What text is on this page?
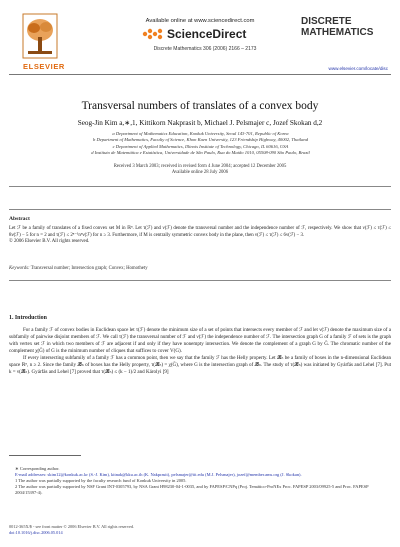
ELSEVIER
Available online at www.sciencedirect.com
ScienceDirect
Discrete Mathematics 306 (2006) 2166 – 2173
DISCRETE
MATHEMATICS
www.elsevier.com/locate/disc
Transversal numbers of translates of a convex body
Seog-Jin Kim a,∗,1, Kittikorn Nakprasit b, Michael J. Pelsmajer c, Jozef Skokan d,2
a Department of Mathematics Education, Konkuk University, Seoul 143-701, Republic of Korea
b Department of Mathematics, Faculty of Science, Khon Kaen University, 123 Friendship Highway, 40002, Thailand
c Department of Applied Mathematics, Illinois Institute of Technology, Chicago, IL 60616, USA
d Instituto de Matemática e Estatística, Universidade de São Paulo, Rua do Matão 1010, 05508-090 São Paulo, Brazil
Received 3 March 2003; received in revised form 4 June 2004; accepted 12 December 2005
Available online 28 July 2006
Abstract
Let ℱ be a family of translates of a fixed convex set M in ℝⁿ. Let τ(ℱ) and ν(ℱ) denote the transversal number and the independence number of ℱ, respectively. We show that ν(ℱ) ≤ τ(ℱ) ≤ 8ν(ℱ) − 5 for n = 2 and τ(ℱ) ≤ 2ⁿ⁻¹nⁿν(ℱ) for n ≥ 3. Furthermore, if M is centrally symmetric convex body in the plane, then ν(ℱ) ≤ τ(ℱ) ≤ 6ν(ℱ) − 3.
© 2006 Elsevier B.V. All rights reserved.
Keywords: Transversal number; Intersection graph; Convex; Homothety
1. Introduction

For a family ℱ of convex bodies in Euclidean space let τ(ℱ) denote the minimum size of a set of points that intersects every member of ℱ and let ν(ℱ) denote the maximum size of a subfamily of pairwise disjoint members of ℱ. We call τ(ℱ) the transversal number of ℱ and ν(ℱ) the independence number of ℱ. The intersection graph G of a family ℱ of sets is the graph with vertex set ℱ in which two members of ℱ are adjacent if and only if they have nonempty intersection. We denote the complement of a graph G by Ḡ. The chromatic number of the complement χ(Ḡ) of G is the minimum number of cliques that suffices to cover V(G).

If every intersecting subfamily of a family ℱ has a common point, then we say that the family ℱ has the Helly property. Let 𝓑ₙ be a family of boxes in the n-dimensional Euclidean space ℝⁿ, n ≥ 2. Since the family 𝓑ₙ of boxes has the Helly property, τ(𝓑ₙ) = χ(Ḡ), where G is the intersection graph of 𝓑ₙ. The study of τ(𝓑ₙ) was initiated by Gyárfás and Lehel [7]. Put k = ν(𝓑ₙ). Gyárfás and Lehel [7] proved that τ(𝓑ₙ) ≤ (k − 1)/2 and Károlyi [9]

∗ Corresponding author.
E-mail addresses: skim12@konkuk.ac.kr (S.-J. Kim), kitnak@kku.ac.th (K. Nakprasit), pelsmajer@iit.edu (M.J. Pelsmajer), jozef@member.ams.org (J. Skokan).
1 The author was partially supported by the faculty research fund of Konkuk University in 2005.
2 The author was partially supported by NSF Grant INT-0305793, by NSA Grant H98230-04-1-0035, and by FAPESP/CNPq (Proj. Temático-ProNEx Proc. FAPESP 2003/09925-5 and Proc. FAPESP 2004/15397-4).
0012-365X/$ - see front matter © 2006 Elsevier B.V. All rights reserved.
doi:10.1016/j.disc.2006.05.014
